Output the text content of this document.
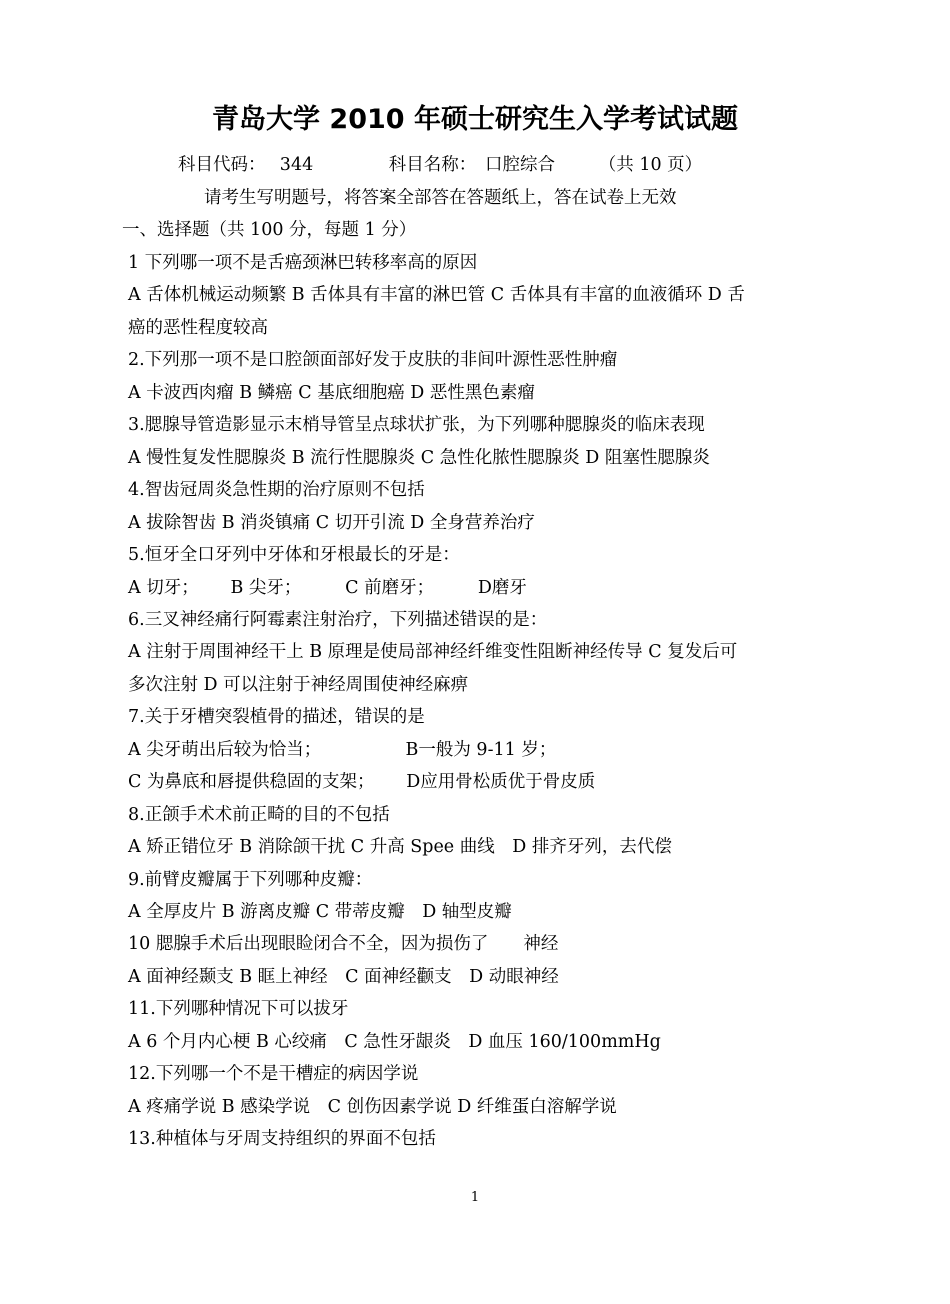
青岛大学 2010 年硕士研究生入学考试试题
科目代码：　 344　　　　 科目名称：　口腔综合　　　（共 10 页）
请考生写明题号，将答案全部答在答题纸上，答在试卷上无效
一、选择题（共 100 分，每题 1 分）
1 下列哪一项不是舌癌颈淋巴转移率高的原因
A 舌体机械运动频繁 B 舌体具有丰富的淋巴管 C 舌体具有丰富的血液循环 D 舌
癌的恶性程度较高
2.下列那一项不是口腔颌面部好发于皮肤的非间叶源性恶性肿瘤
A 卡波西肉瘤 B 鳞癌 C 基底细胞癌 D 恶性黑色素瘤
3.腮腺导管造影显示末梢导管呈点球状扩张，为下列哪种腮腺炎的临床表现
A 慢性复发性腮腺炎 B 流行性腮腺炎 C 急性化脓性腮腺炎 D 阻塞性腮腺炎
4.智齿冠周炎急性期的治疗原则不包括
A 拔除智齿 B 消炎镇痛 C 切开引流 D 全身营养治疗
5.恒牙全口牙列中牙体和牙根最长的牙是：
A 切牙；　　 B 尖牙；　　　C 前磨牙；　　　D磨牙
6.三叉神经痛行阿霉素注射治疗，下列描述错误的是：
A 注射于周围神经干上 B 原理是使局部神经纤维变性阻断神经传导 C 复发后可
多次注射 D 可以注射于神经周围使神经麻痹
7.关于牙槽突裂植骨的描述，错误的是
A 尖牙萌出后较为恰当；　　　　　 B一般为 9-11 岁；
C 为鼻底和唇提供稳固的支架；　　 D应用骨松质优于骨皮质
8.正颌手术术前正畸的目的不包括
A 矫正错位牙 B 消除颌干扰 C 升高 Spee 曲线　D 排齐牙列，去代偿
9.前臂皮瓣属于下列哪种皮瓣：
A 全厚皮片 B 游离皮瓣 C 带蒂皮瓣　D 轴型皮瓣
10 腮腺手术后出现眼睑闭合不全，因为损伤了　　神经
A 面神经颞支 B 眶上神经　C 面神经颧支　D 动眼神经
11.下列哪种情况下可以拔牙
A 6 个月内心梗 B 心绞痛　C 急性牙龈炎　D 血压 160/100mmHg
12.下列哪一个不是干槽症的病因学说
A 疼痛学说 B 感染学说　C 创伤因素学说 D 纤维蛋白溶解学说
13.种植体与牙周支持组织的界面不包括
1
